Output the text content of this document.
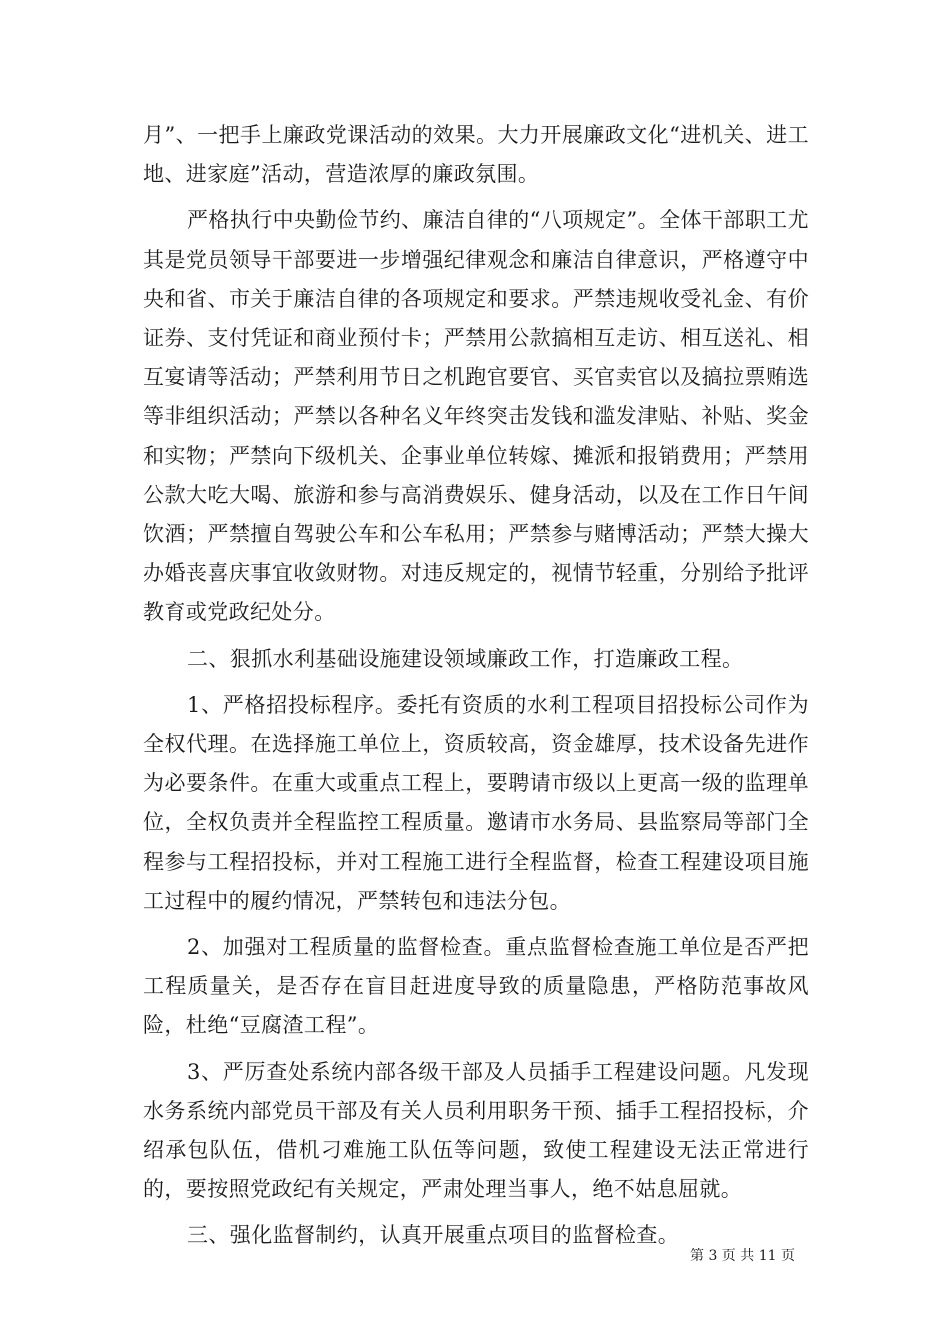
月”、一把手上廉政党课活动的效果。大力开展廉政文化“进机关、进工地、进家庭”活动，营造浓厚的廉政氛围。

严格执行中央勤俭节约、廉洁自律的“八项规定”。全体干部职工尤其是党员领导干部要进一步增强纪律观念和廉洁自律意识，严格遵守中央和省、市关于廉洁自律的各项规定和要求。严禁违规收受礼金、有价证券、支付凭证和商业预付卡；严禁用公款搞相互走访、相互送礼、相互宴请等活动；严禁利用节日之机跑官要官、买官卖官以及搞拉票贿选等非组织活动；严禁以各种名义年终突击发钱和滥发津贴、补贴、奖金和实物；严禁向下级机关、企事业单位转嫁、摊派和报销费用；严禁用公款大吃大喝、旅游和参与高消费娱乐、健身活动，以及在工作日午间饮酒；严禁擅自驾驶公车和公车私用；严禁参与赌博活动；严禁大操大办婚丧喜庆事宜收敛财物。对违反规定的，视情节轻重，分别给予批评教育或党政纪处分。

二、狠抓水利基础设施建设领域廉政工作，打造廉政工程。

1、严格招投标程序。委托有资质的水利工程项目招投标公司作为全权代理。在选择施工单位上，资质较高，资金雄厚，技术设备先进作为必要条件。在重大或重点工程上，要聘请市级以上更高一级的监理单位，全权负责并全程监控工程质量。邀请市水务局、县监察局等部门全程参与工程招投标，并对工程施工进行全程监督，检查工程建设项目施工过程中的履约情况，严禁转包和违法分包。

2、加强对工程质量的监督检查。重点监督检查施工单位是否严把工程质量关，是否存在盲目赶进度导致的质量隐患，严格防范事故风险，杜绝“豆腐渣工程”。

3、严厉查处系统内部各级干部及人员插手工程建设问题。凡发现水务系统内部党员干部及有关人员利用职务干预、插手工程招投标，介绍承包队伍，借机刁难施工队伍等问题，致使工程建设无法正常进行的，要按照党政纪有关规定，严肃处理当事人，绝不姑息屈就。

三、强化监督制约，认真开展重点项目的监督检查。

第 3 页 共 11 页
